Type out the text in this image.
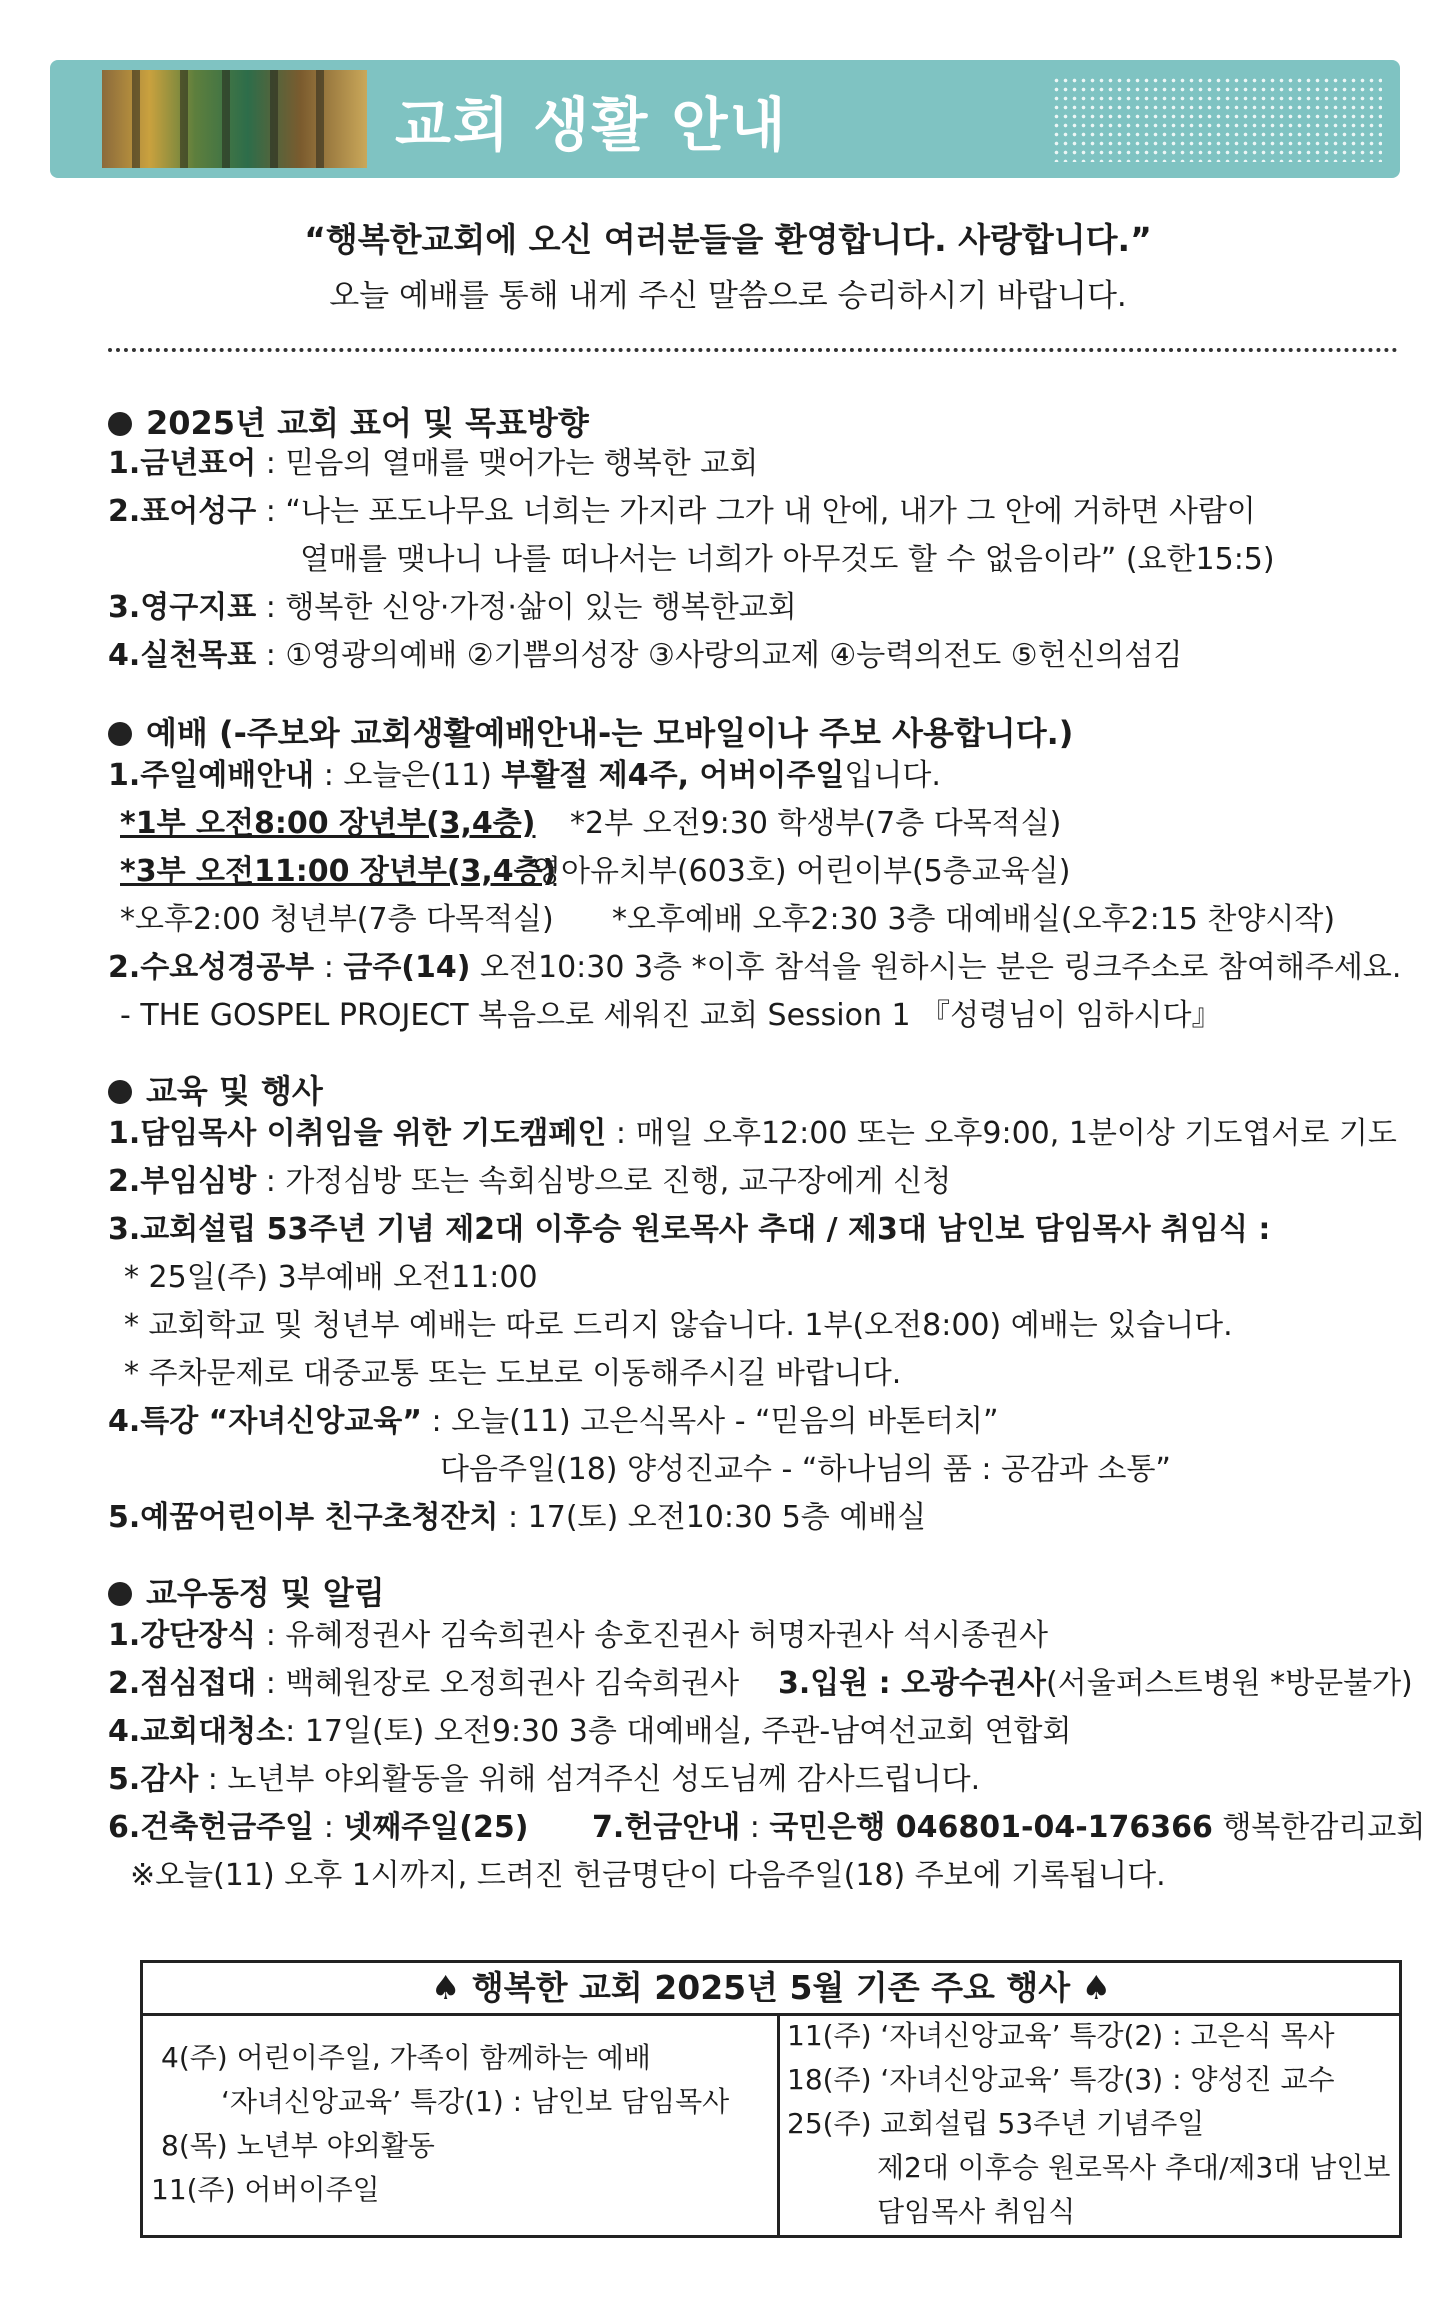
교회 생활 안내
“행복한교회에 오신 여러분들을 환영합니다. 사랑합니다.”
오늘 예배를 통해 내게 주신 말씀으로 승리하시기 바랍니다.
2025년 교회 표어 및 목표방향
1.금년표어 : 믿음의 열매를 맺어가는 행복한 교회
2.표어성구 : “나는 포도나무요 너희는 가지라 그가 내 안에, 내가 그 안에 거하면 사람이
열매를 맺나니 나를 떠나서는 너희가 아무것도 할 수 없음이라” (요한15:5)
3.영구지표 : 행복한 신앙·가정·삶이 있는 행복한교회
4.실천목표 : ①영광의예배 ②기쁨의성장 ③사랑의교제 ④능력의전도 ⑤헌신의섬김
예배 (-주보와 교회생활예배안내-는 모바일이나 주보 사용합니다.)
1.주일예배안내 : 오늘은(11) 부활절 제4주, 어버이주일입니다.
*1부 오전8:00 장년부(3,4층) *2부 오전9:30 학생부(7층 다목적실)
*3부 오전11:00 장년부(3,4층)
영아유치부(603호) 어린이부(5층교육실)
*오후2:00 청년부(7층 다목적실) *오후예배 오후2:30 3층 대예배실(오후2:15 찬양시작)
2.수요성경공부 : 금주(14) 오전10:30 3층 *이후 참석을 원하시는 분은 링크주소로 참여해주세요.
- THE GOSPEL PROJECT 복음으로 세워진 교회 Session 1 『성령님이 임하시다』
교육 및 행사
1.담임목사 이취임을 위한 기도캠페인 : 매일 오후12:00 또는 오후9:00, 1분이상 기도엽서로 기도
2.부임심방 : 가정심방 또는 속회심방으로 진행, 교구장에게 신청
3.교회설립 53주년 기념 제2대 이후승 원로목사 추대 / 제3대 남인보 담임목사 취임식 :
* 25일(주) 3부예배 오전11:00
* 교회학교 및 청년부 예배는 따로 드리지 않습니다. 1부(오전8:00) 예배는 있습니다.
* 주차문제로 대중교통 또는 도보로 이동해주시길 바랍니다.
4.특강 “자녀신앙교육” : 오늘(11) 고은식목사 - “믿음의 바톤터치”
다음주일(18) 양성진교수 - “하나님의 품 : 공감과 소통”
5.예꿈어린이부 친구초청잔치 : 17(토) 오전10:30 5층 예배실
교우동정 및 알림
1.강단장식 : 유혜정권사 김숙희권사 송호진권사 허명자권사 석시종권사
2.점심접대 : 백혜원장로 오정희권사 김숙희권사 3.입원 : 오광수권사(서울퍼스트병원 *방문불가)
4.교회대청소: 17일(토) 오전9:30 3층 대예배실, 주관-남여선교회 연합회
5.감사 : 노년부 야외활동을 위해 섬겨주신 성도님께 감사드립니다.
6.건축헌금주일 : 넷째주일(25) 7.헌금안내 : 국민은행 046801-04-176366 행복한감리교회
※오늘(11) 오후 1시까지, 드려진 헌금명단이 다음주일(18) 주보에 기록됩니다.
♠ 행복한 교회 2025년 5월 기존 주요 행사 ♠
4(주) 어린이주일, 가족이 함께하는 예배
‘자녀신앙교육’ 특강(1) : 남인보 담임목사
8(목) 노년부 야외활동
11(주) 어버이주일
11(주) ‘자녀신앙교육’ 특강(2) : 고은식 목사
18(주) ‘자녀신앙교육’ 특강(3) : 양성진 교수
25(주) 교회설립 53주년 기념주일
제2대 이후승 원로목사 추대/제3대 남인보
담임목사 취임식
